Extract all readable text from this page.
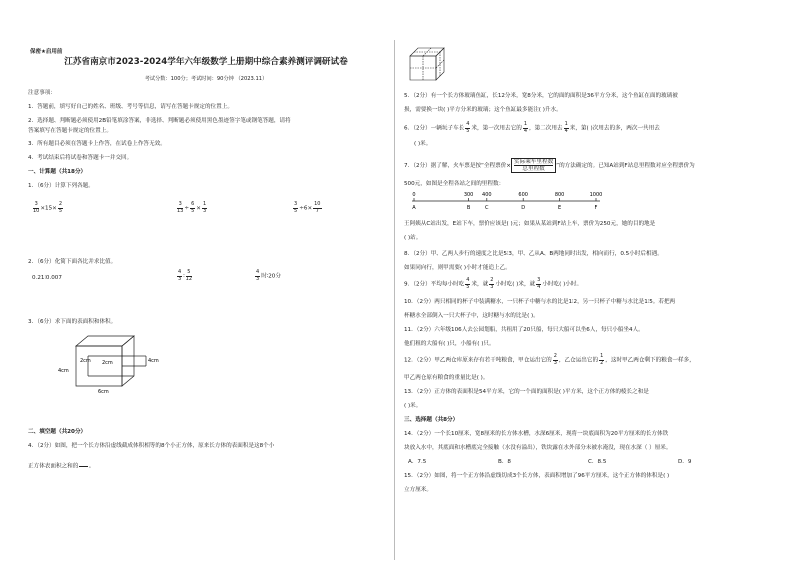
保密★启用前
江苏省南京市2023-2024学年六年级数学上册期中综合素养测评调研试卷
考试分数：100分；考试时间：90分钟 （2023.11）
注意事项：
1．答题前，填写好自己的姓名、班级、考号等信息，请写在答题卡规定的位置上。
2．选择题、判断题必须使用2B铅笔填涂答案，非选择、判断题必须使用黑色墨迹签字笔或钢笔答题，请将
答案填写在答题卡规定的位置上。
3．所有题目必须在答题卡上作答，在试卷上作答无效。
4．考试结束后将试卷和答题卡一并交回。
一、计算题（共18分）
1．（6分）计算下列各题。
$\frac{3}{10} \times 15\times \frac{2}{5}$	$\frac{3}{13} \div \frac{6}{5} \times \frac{1}{3}$	$\frac{3}{5} \div 6\times \frac{10}{7}$
2．（6分）化简下面各比并求比值。
0.21∶0.007	$\frac{4}{3}$ ∶ $\frac{5}{12}$	$\frac{4}{3}$ 时∶20分
3．（6分）求下面的表面积和体积。
2cm 2cm	4cm
4cm
6cm
二、填空题（共20分）
4．（2分）如图，把一个长方体沿虚线截成体积相等的8个小正方体，原来长方体的表面积是这8个小
正方体表面积之和的

。
5．（2分）有一个长方体玻璃鱼缸，长12分米，宽8分米，它的面的面积是36平方分米，这个鱼缸在面的玻璃被
损，需要换一块( )平方分米的玻璃；这个鱼缸最多能注( )升水。
6．（2分）一辆玩子车长 $\frac{4}{5}$ 米，第一次用去它的 $\frac{1}{4}$ ，第二次用去 $\frac{1}{4}$ 米，第( )次用去的多，两次一共用去
( )米。
7．（2分）据了解，火车票是按“全程票价×
实际乘车里程数
总里程数	”的方法确定的。已知A站到F站总里程数对应全程票价为
500元，如图是全程各站之间的里程数：
0
A
300
B
400
C
600
D
800
E
1000
F
王阿姨从C站出发，E站下车，票价应该是( )元；如果从某站到F站上车，票价为250元，她的目的地是
( )站。
8．（2分）甲、乙两人步行的速度之比是5∶3，甲、乙从A、B两地同时出发，相向而行，0.5小时后相遇。
如果同向行，则甲需要( )小时才能追上乙。
9．（2分）平均每小时吃 $\frac{4}{5}$ 米，就 $\frac{2}{3}$ 小时吃( )米，就 $\frac{3}{4}$ 小时吃( )小时。
10．（2分）两只相同的杯子中装满糖水，一只杯子中糖与水的比是1∶2，另一只杯子中糖与水比是1∶5。若把两
杯糖水全部倒入一只大杯子中，这时糖与水的比是( )。
11．（2分）六年级106人去公园划船，共租用了20只船，每只大船可以坐6人，每只小船坐4人。
他们租的大船有( )只，小船有( )只。
12．（2分）甲乙两仓库原来存有若干吨粮食，甲仓运出它的 $\frac{2}{3}$ ，乙仓运出它的 $\frac{1}{2}$ ，这时甲乙两仓剩下的粮食一样多，
甲乙两仓原有粮食的重量比是( )。
13．（2分）正方体的表面积是54平方米，它的一个面的面积是( )平方米，这个正方体的棱长之和是
( )米。
三、选择题（共8分）
14．（2分）一个长10厘米，宽8厘米的长方体水槽，水深6厘米，现将一块底面积为20平方厘米的长方体铁
块放入水中，其底面和水槽底完全接触（水没有溢出），铁块露在水外部分未被水淹没，现在水深（ ）厘米。
A．7.5	B．8	C．8.5	D．9
15．（2分）如图，将一个正方体沿虚线切成3个长方体，表面积增加了96平方厘米，这个正方体的体积是( )
立方厘米。
